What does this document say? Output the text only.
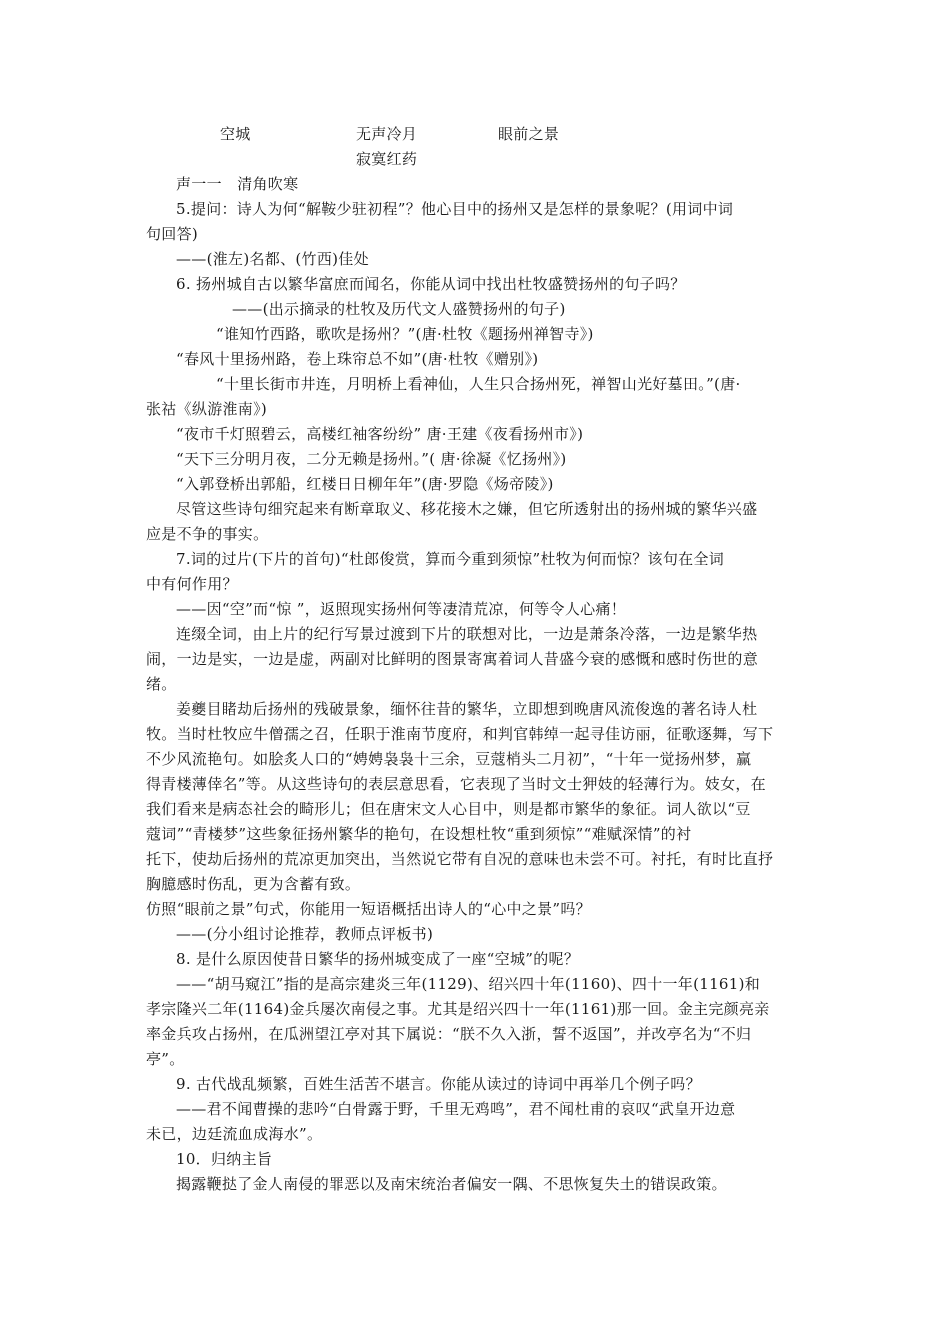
空城	无声冷月	眼前之景
寂寞红药
声一一　清角吹寒
5.提问：诗人为何“解鞍少驻初程”？他心目中的扬州又是怎样的景象呢？(用词中词
句回答)
——(淮左)名都、(竹西)佳处
6. 扬州城自古以繁华富庶而闻名，你能从词中找出杜牧盛赞扬州的句子吗？
——(出示摘录的杜牧及历代文人盛赞扬州的句子)
“谁知竹西路，歌吹是扬州？”(唐·杜牧《题扬州禅智寺》)
“春风十里扬州路，卷上珠帘总不如”(唐·杜牧《赠别》)
“十里长街市井连，月明桥上看神仙，人生只合扬州死，禅智山光好墓田。”(唐·
张祜《纵游淮南》)
“夜市千灯照碧云，高楼红袖客纷纷” 唐·王建《夜看扬州市》)
“天下三分明月夜，二分无赖是扬州。”( 唐·徐凝《忆扬州》)
“入郭登桥出郭船，红楼日日柳年年”(唐·罗隐《炀帝陵》)
尽管这些诗句细究起来有断章取义、移花接木之嫌，但它所透射出的扬州城的繁华兴盛
应是不争的事实。
7.词的过片(下片的首句)“杜郎俊赏，算而今重到须惊”杜牧为何而惊？该句在全词
中有何作用？
——因“空”而“惊 ”，返照现实扬州何等凄清荒凉，何等令人心痛！
连缀全词，由上片的纪行写景过渡到下片的联想对比，一边是萧条冷落，一边是繁华热
闹，一边是实，一边是虚，两副对比鲜明的图景寄寓着词人昔盛今衰的感慨和感时伤世的意
绪。
姜夔目睹劫后扬州的残破景象，缅怀往昔的繁华，立即想到晚唐风流俊逸的著名诗人杜
牧。当时杜牧应牛僧孺之召，任职于淮南节度府，和判官韩绰一起寻佳访丽，征歌逐舞，写下
不少风流艳句。如脍炙人口的“娉娉袅袅十三余，豆蔻梢头二月初”，“十年一觉扬州梦，赢
得青楼薄倖名”等。从这些诗句的表层意思看，它表现了当时文士狎妓的轻薄行为。妓女，在
我们看来是病态社会的畸形儿；但在唐宋文人心目中，则是都市繁华的象征。词人欲以“豆
蔻词”“青楼梦”这些象征扬州繁华的艳句，在设想杜牧“重到须惊”“难赋深情”的衬
托下，使劫后扬州的荒凉更加突出，当然说它带有自况的意味也未尝不可。衬托，有时比直抒
胸臆感时伤乱，更为含蓄有致。
仿照“眼前之景”句式，你能用一短语概括出诗人的“心中之景”吗？
——(分小组讨论推荐，教师点评板书)
8. 是什么原因使昔日繁华的扬州城变成了一座“空城”的呢？
——“胡马窥江”指的是高宗建炎三年(1129)、绍兴四十年(1160)、四十一年(1161)和
孝宗隆兴二年(1164)金兵屡次南侵之事。尤其是绍兴四十一年(1161)那一回。金主完颜亮亲
率金兵攻占扬州，在瓜洲望江亭对其下属说：“朕不久入浙，誓不返国”，并改亭名为“不归
亭”。
9. 古代战乱频繁，百姓生活苦不堪言。你能从读过的诗词中再举几个例子吗？
——君不闻曹操的悲吟“白骨露于野，千里无鸡鸣”，君不闻杜甫的哀叹“武皇开边意
未已，边廷流血成海水”。
10．归纳主旨
揭露鞭挞了金人南侵的罪恶以及南宋统治者偏安一隅、不思恢复失土的错误政策。
